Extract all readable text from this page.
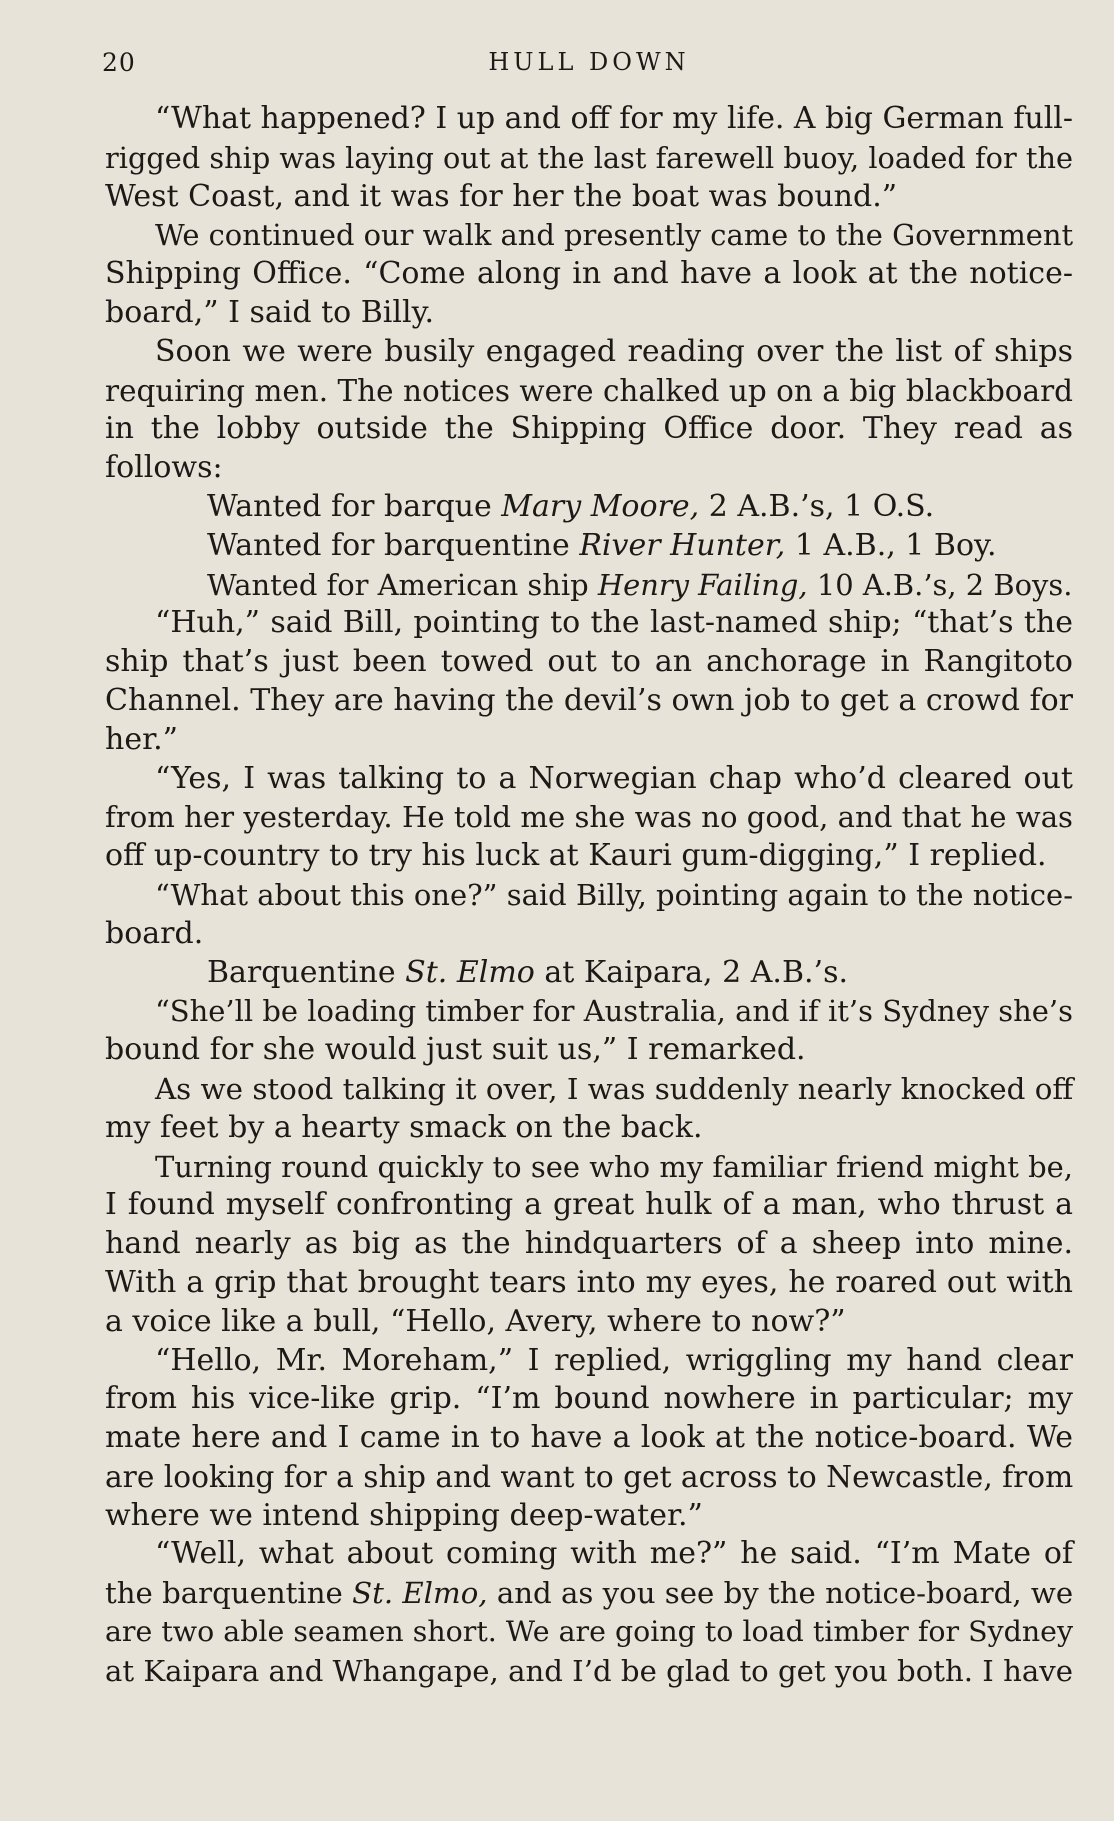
20	HULL DOWN
“What happened? I up and off for my life. A big German full-
rigged ship was laying out at the last farewell buoy, loaded for the
West Coast, and it was for her the boat was bound.”
We continued our walk and presently came to the Government
Shipping Office. “Come along in and have a look at the notice-
board,” I said to Billy.
Soon we were busily engaged reading over the list of ships
requiring men. The notices were chalked up on a big blackboard
in the lobby outside the Shipping Office door. They read as
follows:
Wanted for barque Mary Moore, 2 A.B.’s, 1 O.S.
Wanted for barquentine River Hunter, 1 A.B., 1 Boy.
Wanted for American ship Henry Failing, 10 A.B.’s, 2 Boys.
“Huh,” said Bill, pointing to the last-named ship; “that’s the
ship that’s just been towed out to an anchorage in Rangitoto
Channel. They are having the devil’s own job to get a crowd for
her.”
“Yes, I was talking to a Norwegian chap who’d cleared out
from her yesterday. He told me she was no good, and that he was
off up-country to try his luck at Kauri gum-digging,” I replied.
“What about this one?” said Billy, pointing again to the notice-
board.
Barquentine St. Elmo at Kaipara, 2 A.B.’s.
“She’ll be loading timber for Australia, and if it’s Sydney she’s
bound for she would just suit us,” I remarked.
As we stood talking it over, I was suddenly nearly knocked off
my feet by a hearty smack on the back.
Turning round quickly to see who my familiar friend might be,
I found myself confronting a great hulk of a man, who thrust a
hand nearly as big as the hindquarters of a sheep into mine.
With a grip that brought tears into my eyes, he roared out with
a voice like a bull, “Hello, Avery, where to now?”
“Hello, Mr. Moreham,” I replied, wriggling my hand clear
from his vice-like grip. “I’m bound nowhere in particular; my
mate here and I came in to have a look at the notice-board. We
are looking for a ship and want to get across to Newcastle, from
where we intend shipping deep-water.”
“Well, what about coming with me?” he said. “I’m Mate of
the barquentine St. Elmo, and as you see by the notice-board, we
are two able seamen short. We are going to load timber for Sydney
at Kaipara and Whangape, and I’d be glad to get you both. I have
